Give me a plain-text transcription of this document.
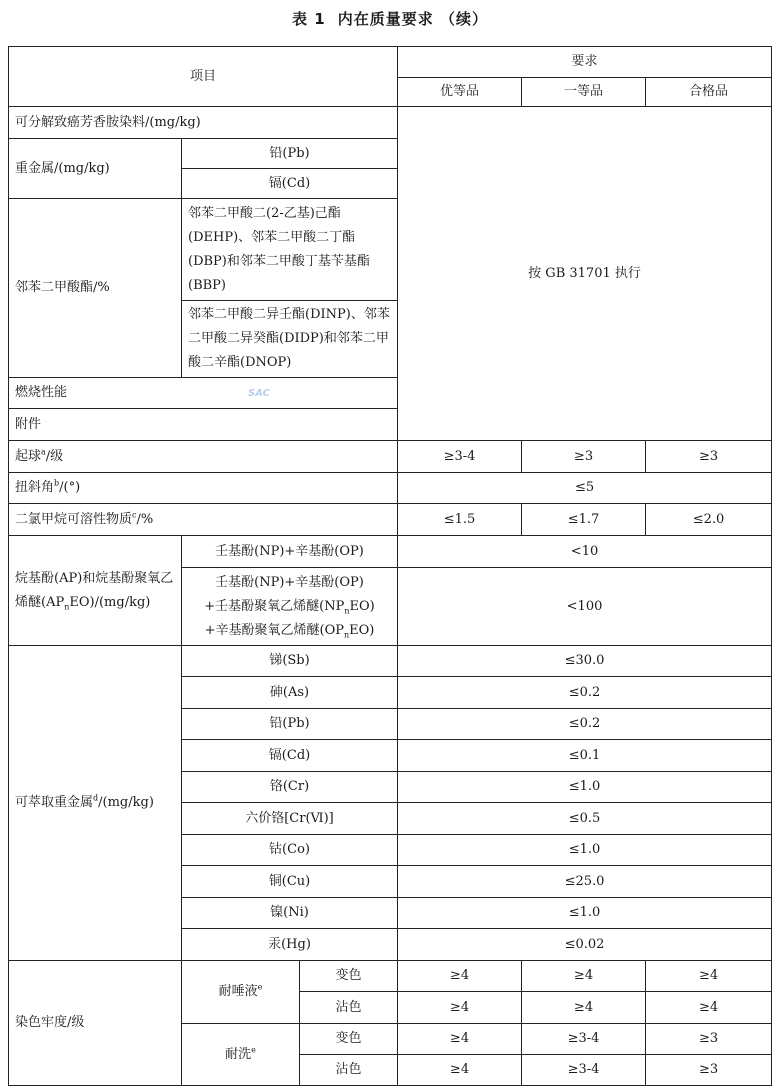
表 1 内在质量要求 （续）
项目			要求		
			优等品	一等品	合格品
可分解致癌芳香胺染料/(mg/kg)			按 GB 31701 执行		
重金属/(mg/kg)	铅(Pb)				
	镉(Cd)				
邻苯二甲酸酯/%	邻苯二甲酸二(2-乙基)己酯(DEHP)、邻苯二甲酸二丁酯(DBP)和邻苯二甲酸丁基苄基酯(BBP)				
	邻苯二甲酸二异壬酯(DINP)、邻苯二甲酸二异癸酯(DIDP)和邻苯二甲酸二辛酯(DNOP)				
燃烧性能					
附件					

起球$^a$/级			≥3-4	≥3	≥3
扭斜角$^b$/(°)			≤5		
二氯甲烷可溶性物质$^c$/%			≤1.5	≤1.7	≤2.0
烷基酚(AP)和烷基酚聚氧乙烯醚$(AP_nEO)/(mg/kg)$	壬基酚(NP)+辛基酚(OP)		<10		

	壬基酚(NP)+辛基酚(OP)
+壬基酚聚氧乙烯醚$(NP_nEO)$
+辛基酚聚氧乙烯醚$(OP_nEO)$		<100		
可萃取重金属$^d$/(mg/kg)	锑(Sb)		≤30.0		
	砷(As)		≤0.2		
	铅(Pb)		≤0.2		
	镉(Cd)		≤0.1		
	铬(Cr)		≤1.0		
	六价铬[Cr(Ⅵ)]		≤0.5		
	钴(Co)		≤1.0		
	铜(Cu)		≤25.0		
	镍(Ni)		≤1.0		
	汞(Hg)		≤0.02		
染色牢度/级	耐唾液$^e$	变色	≥4	≥4	≥4
		沾色	≥4	≥4	≥4
	耐洗$^e$	变色	≥4	≥3-4	≥3
		沾色	≥4	≥3-4	≥3
SAC
